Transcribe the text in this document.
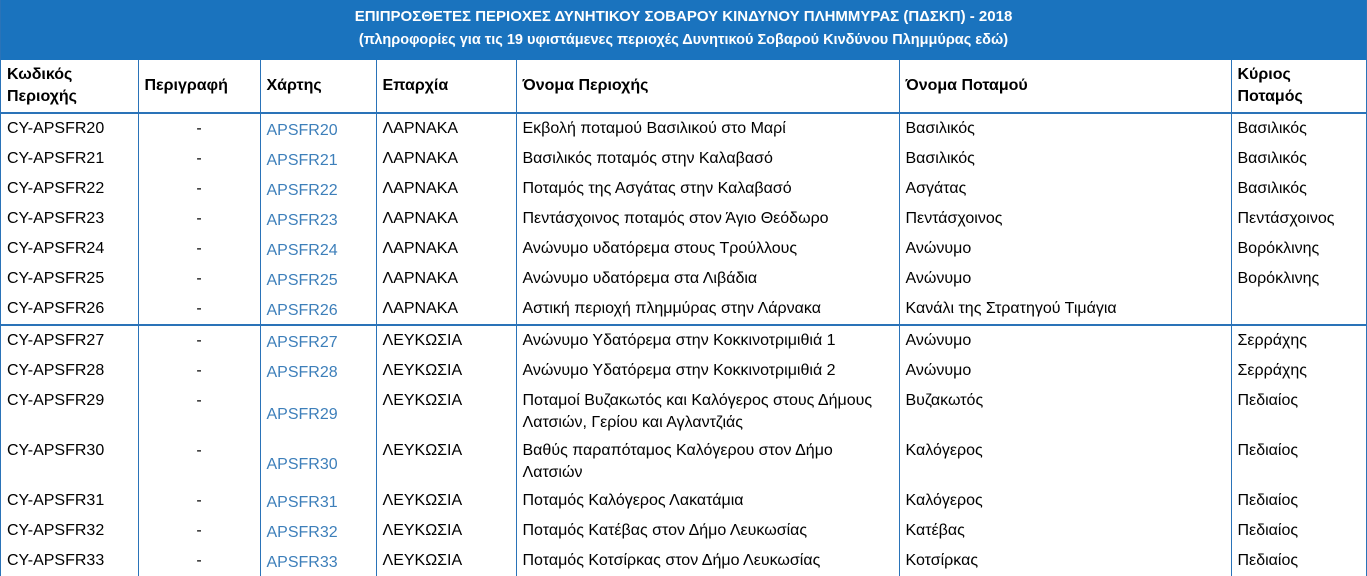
ΕΠΙΠΡΟΣΘΕΤΕΣ ΠΕΡΙΟΧΕΣ ΔΥΝΗΤΙΚΟΥ ΣΟΒΑΡΟΥ ΚΙΝΔΥΝΟΥ ΠΛΗΜΜΥΡΑΣ (ΠΔΣΚΠ) - 2018
(πληροφορίες για τις 19 υφιστάμενες περιοχές Δυνητικού Σοβαρού Κινδύνου Πλημμύρας εδώ)
Κωδικός Περιοχής	Περιγραφή	Χάρτης	Επαρχία	Όνομα Περιοχής	Όνομα Ποταμού	Κύριος Ποταμός
CY-APSFR20	-	APSFR20	ΛΑΡΝΑΚΑ	Εκβολή ποταμού Βασιλικού στο Μαρί	Βασιλικός	Βασιλικός
CY-APSFR21	-	APSFR21	ΛΑΡΝΑΚΑ	Βασιλικός ποταμός στην Καλαβασό	Βασιλικός	Βασιλικός
CY-APSFR22	-	APSFR22	ΛΑΡΝΑΚΑ	Ποταμός της Ασγάτας στην Καλαβασό	Ασγάτας	Βασιλικός
CY-APSFR23	-	APSFR23	ΛΑΡΝΑΚΑ	Πεντάσχοινος ποταμός στον Άγιο Θεόδωρο	Πεντάσχοινος	Πεντάσχοινος
CY-APSFR24	-	APSFR24	ΛΑΡΝΑΚΑ	Ανώνυμο υδατόρεμα στους Τρούλλους	Ανώνυμο	Βορόκλινης
CY-APSFR25	-	APSFR25	ΛΑΡΝΑΚΑ	Ανώνυμο υδατόρεμα στα Λιβάδια	Ανώνυμο	Βορόκλινης
CY-APSFR26	-	APSFR26	ΛΑΡΝΑΚΑ	Αστική περιοχή πλημμύρας στην Λάρνακα	Κανάλι της Στρατηγού Τιμάγια	
CY-APSFR27	-	APSFR27	ΛΕΥΚΩΣΙΑ	Ανώνυμο Υδατόρεμα στην Κοκκινοτριμιθιά 1	Ανώνυμο	Σερράχης
CY-APSFR28	-	APSFR28	ΛΕΥΚΩΣΙΑ	Ανώνυμο Υδατόρεμα στην Κοκκινοτριμιθιά 2	Ανώνυμο	Σερράχης
CY-APSFR29	-	APSFR29	ΛΕΥΚΩΣΙΑ	Ποταμοί Βυζακωτός και Καλόγερος στους Δήμους Λατσιών, Γερίου και Αγλαντζιάς	Βυζακωτός	Πεδιαίος
CY-APSFR30	-	APSFR30	ΛΕΥΚΩΣΙΑ	Βαθύς παραπόταμος Καλόγερου στον Δήμο Λατσιών	Καλόγερος	Πεδιαίος
CY-APSFR31	-	APSFR31	ΛΕΥΚΩΣΙΑ	Ποταμός Καλόγερος Λακατάμια	Καλόγερος	Πεδιαίος
CY-APSFR32	-	APSFR32	ΛΕΥΚΩΣΙΑ	Ποταμός Κατέβας στον Δήμο Λευκωσίας	Κατέβας	Πεδιαίος
CY-APSFR33	-	APSFR33	ΛΕΥΚΩΣΙΑ	Ποταμός Κοτσίρκας στον Δήμο Λευκωσίας	Κοτσίρκας	Πεδιαίος
